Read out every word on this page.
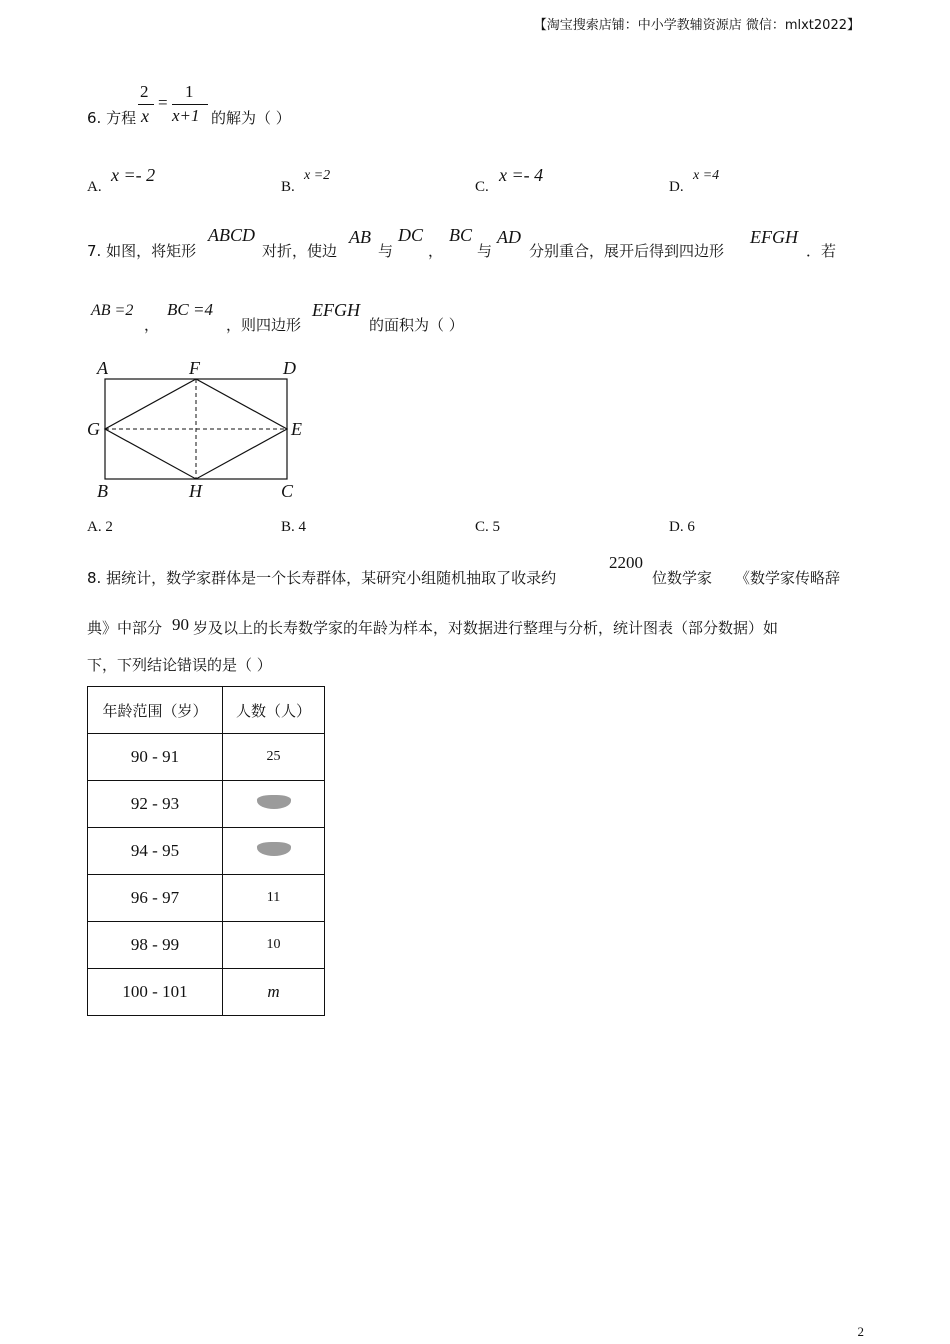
【淘宝搜索店铺：中小学教辅资源店 微信：mlxt2022】
6. 方程
2
x
=
1
x+1 的解为（ ）
A.
x =- 2
B.
x =2
C.
x =- 4
D.
x =4
7. 如图，将矩形
ABCD
对折，使边
AB
与
DC
，
BC
与
AD
分别重合，展开后得到四边形
EFGH
．若
AB =2
，
BC =4
，则四边形
EFGH
的面积为（ ）
A	F	D
G	E
B	H	C
A. 2	B. 4	C. 5	D. 6
8. 据统计，数学家群体是一个长寿群体，某研究小组随机抽取了收录约
2200
位数学家 《数学家传略辞
典》中部分 90 岁及以上的长寿数学家的年龄为样本，对数据进行整理与分析，统计图表（部分数据）如
下，下列结论错误的是（ ）
年龄范围（岁）	人数（人）
90 - 91	25
92 - 93	
94 - 95	
96 - 97	11
98 - 99	10
100 - 101	m
2
